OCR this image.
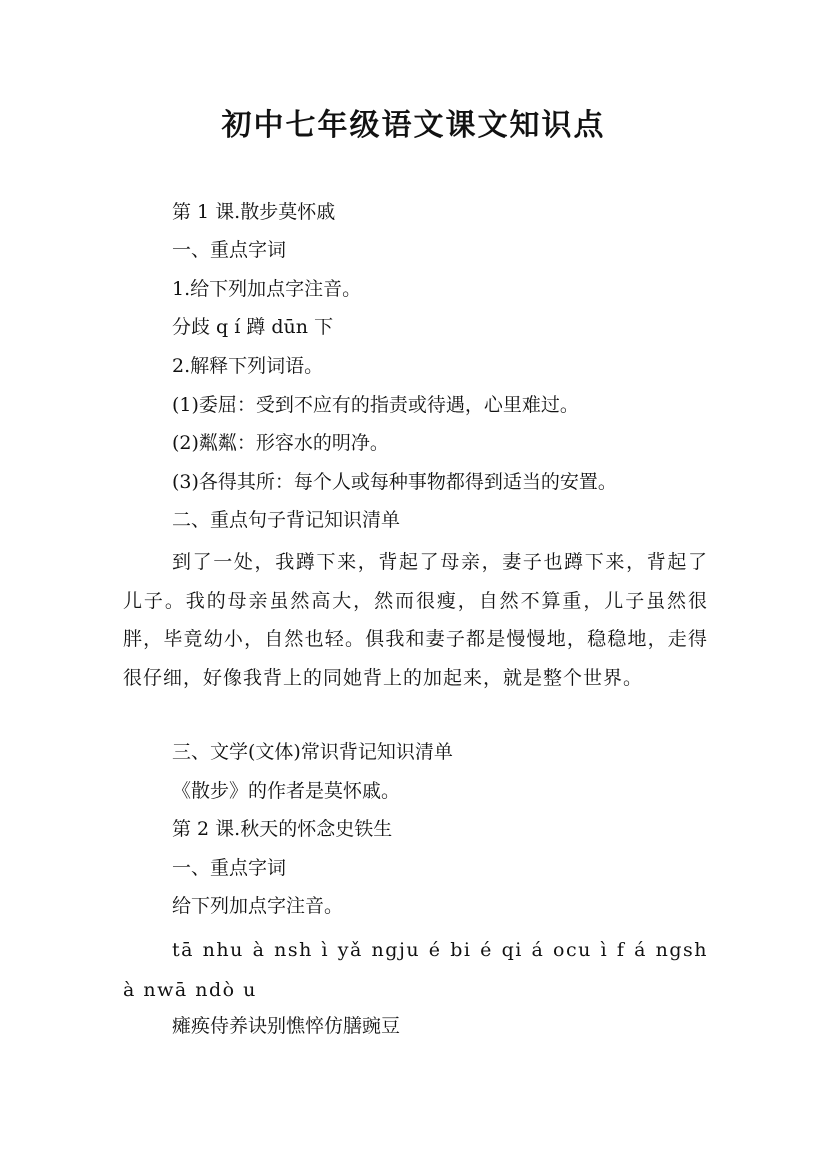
初中七年级语文课文知识点
第 1 课.散步莫怀戚
一、重点字词
1.给下列加点字注音。
分歧 q í 蹲 dūn 下
2.解释下列词语。
(1)委屈：受到不应有的指责或待遇，心里难过。
(2)粼粼：形容水的明净。
(3)各得其所：每个人或每种事物都得到适当的安置。
二、重点句子背记知识清单
到了一处，我蹲下来，背起了母亲，妻子也蹲下来，背起了儿子。我的母亲虽然高大，然而很瘦，自然不算重，儿子虽然很胖，毕竟幼小，自然也轻。俱我和妻子都是慢慢地，稳稳地，走得很仔细，好像我背上的同她背上的加起来，就是整个世界。
三、文学(文体)常识背记知识清单
《散步》的作者是莫怀戚。
第 2 课.秋天的怀念史铁生
一、重点字词
给下列加点字注音。
tā nhu à nsh ì yǎ ngju é bi é qi á ocu ì f á ngsh à nwā ndò u
瘫痪侍养诀别憔悴仿膳豌豆
